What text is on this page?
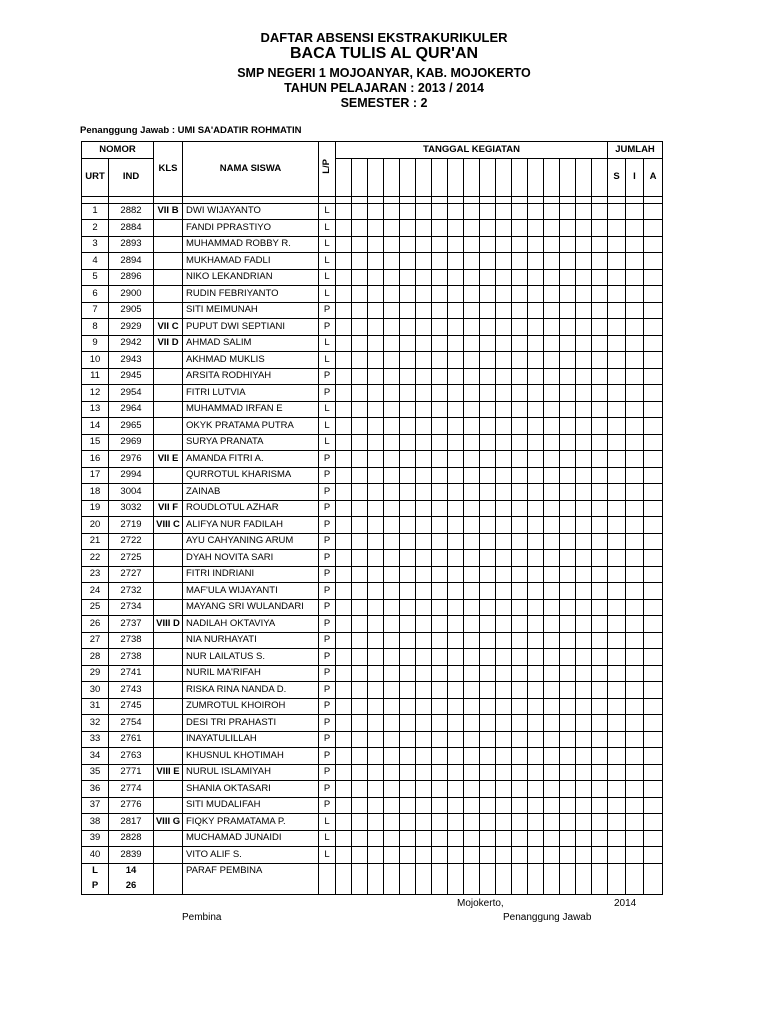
DAFTAR ABSENSI EKSTRAKURIKULER
BACA TULIS AL QUR'AN
SMP NEGERI 1 MOJOANYAR, KAB. MOJOKERTO
TAHUN PELAJARAN : 2013 / 2014
SEMESTER : 2
Penanggung Jawab : UMI SA'ADATIR ROHMATIN
NOMOR		KLS	NAMA SISWA	L/P	TANGGAL KEGIATAN																	JUMLAH		
URT	IND																					S	I	A

1	2882	VII B	DWI WIJAYANTO	L																				
2	2884		FANDI PPRASTIYO	L																				
3	2893		MUHAMMAD ROBBY R.	L																				
4	2894		MUKHAMAD FADLI	L																				
5	2896		NIKO LEKANDRIAN	L																				
6	2900		RUDIN FEBRIYANTO	L																				
7	2905		SITI MEIMUNAH	P																				
8	2929	VII C	PUPUT DWI SEPTIANI	P																				
9	2942	VII D	AHMAD SALIM	L																				
10	2943		AKHMAD MUKLIS	L																				
11	2945		ARSITA RODHIYAH	P																				
12	2954		FITRI LUTVIA	P																				
13	2964		MUHAMMAD IRFAN E	L																				
14	2965		OKYK PRATAMA PUTRA	L																				
15	2969		SURYA PRANATA	L																				
16	2976	VII E	AMANDA FITRI A.	P																				
17	2994		QURROTUL KHARISMA	P																				
18	3004		ZAINAB	P																				
19	3032	VII F	ROUDLOTUL AZHAR	P																				
20	2719	VIII C	ALIFYA NUR FADILAH	P																				
21	2722		AYU CAHYANING ARUM	P																				
22	2725		DYAH NOVITA SARI	P																				
23	2727		FITRI INDRIANI	P																				
24	2732		MAF'ULA WIJAYANTI	P																				
25	2734		MAYANG SRI WULANDARI	P																				
26	2737	VIII D	NADILAH OKTAVIYA	P																				
27	2738		NIA NURHAYATI	P																				
28	2738		NUR LAILATUS S.	P																				
29	2741		NURIL MA'RIFAH	P																				
30	2743		RISKA RINA NANDA D.	P																				
31	2745		ZUMROTUL KHOIROH	P																				
32	2754		DESI TRI PRAHASTI	P																				
33	2761		INAYATULILLAH	P																				
34	2763		KHUSNUL KHOTIMAH	P																				
35	2771	VIII E	NURUL ISLAMIYAH	P																				
36	2774		SHANIA OKTASARI	P																				
37	2776		SITI MUDALIFAH	P																				
38	2817	VIII G	FIQKY PRAMATAMA P.	L																				
39	2828		MUCHAMAD JUNAIDI	L																				
40	2839		VITO ALIF S.	L																				
L	14		PARAF PEMBINA																					
P	26																							
Mojokerto,	2014
Pembina	Penanggung Jawab
